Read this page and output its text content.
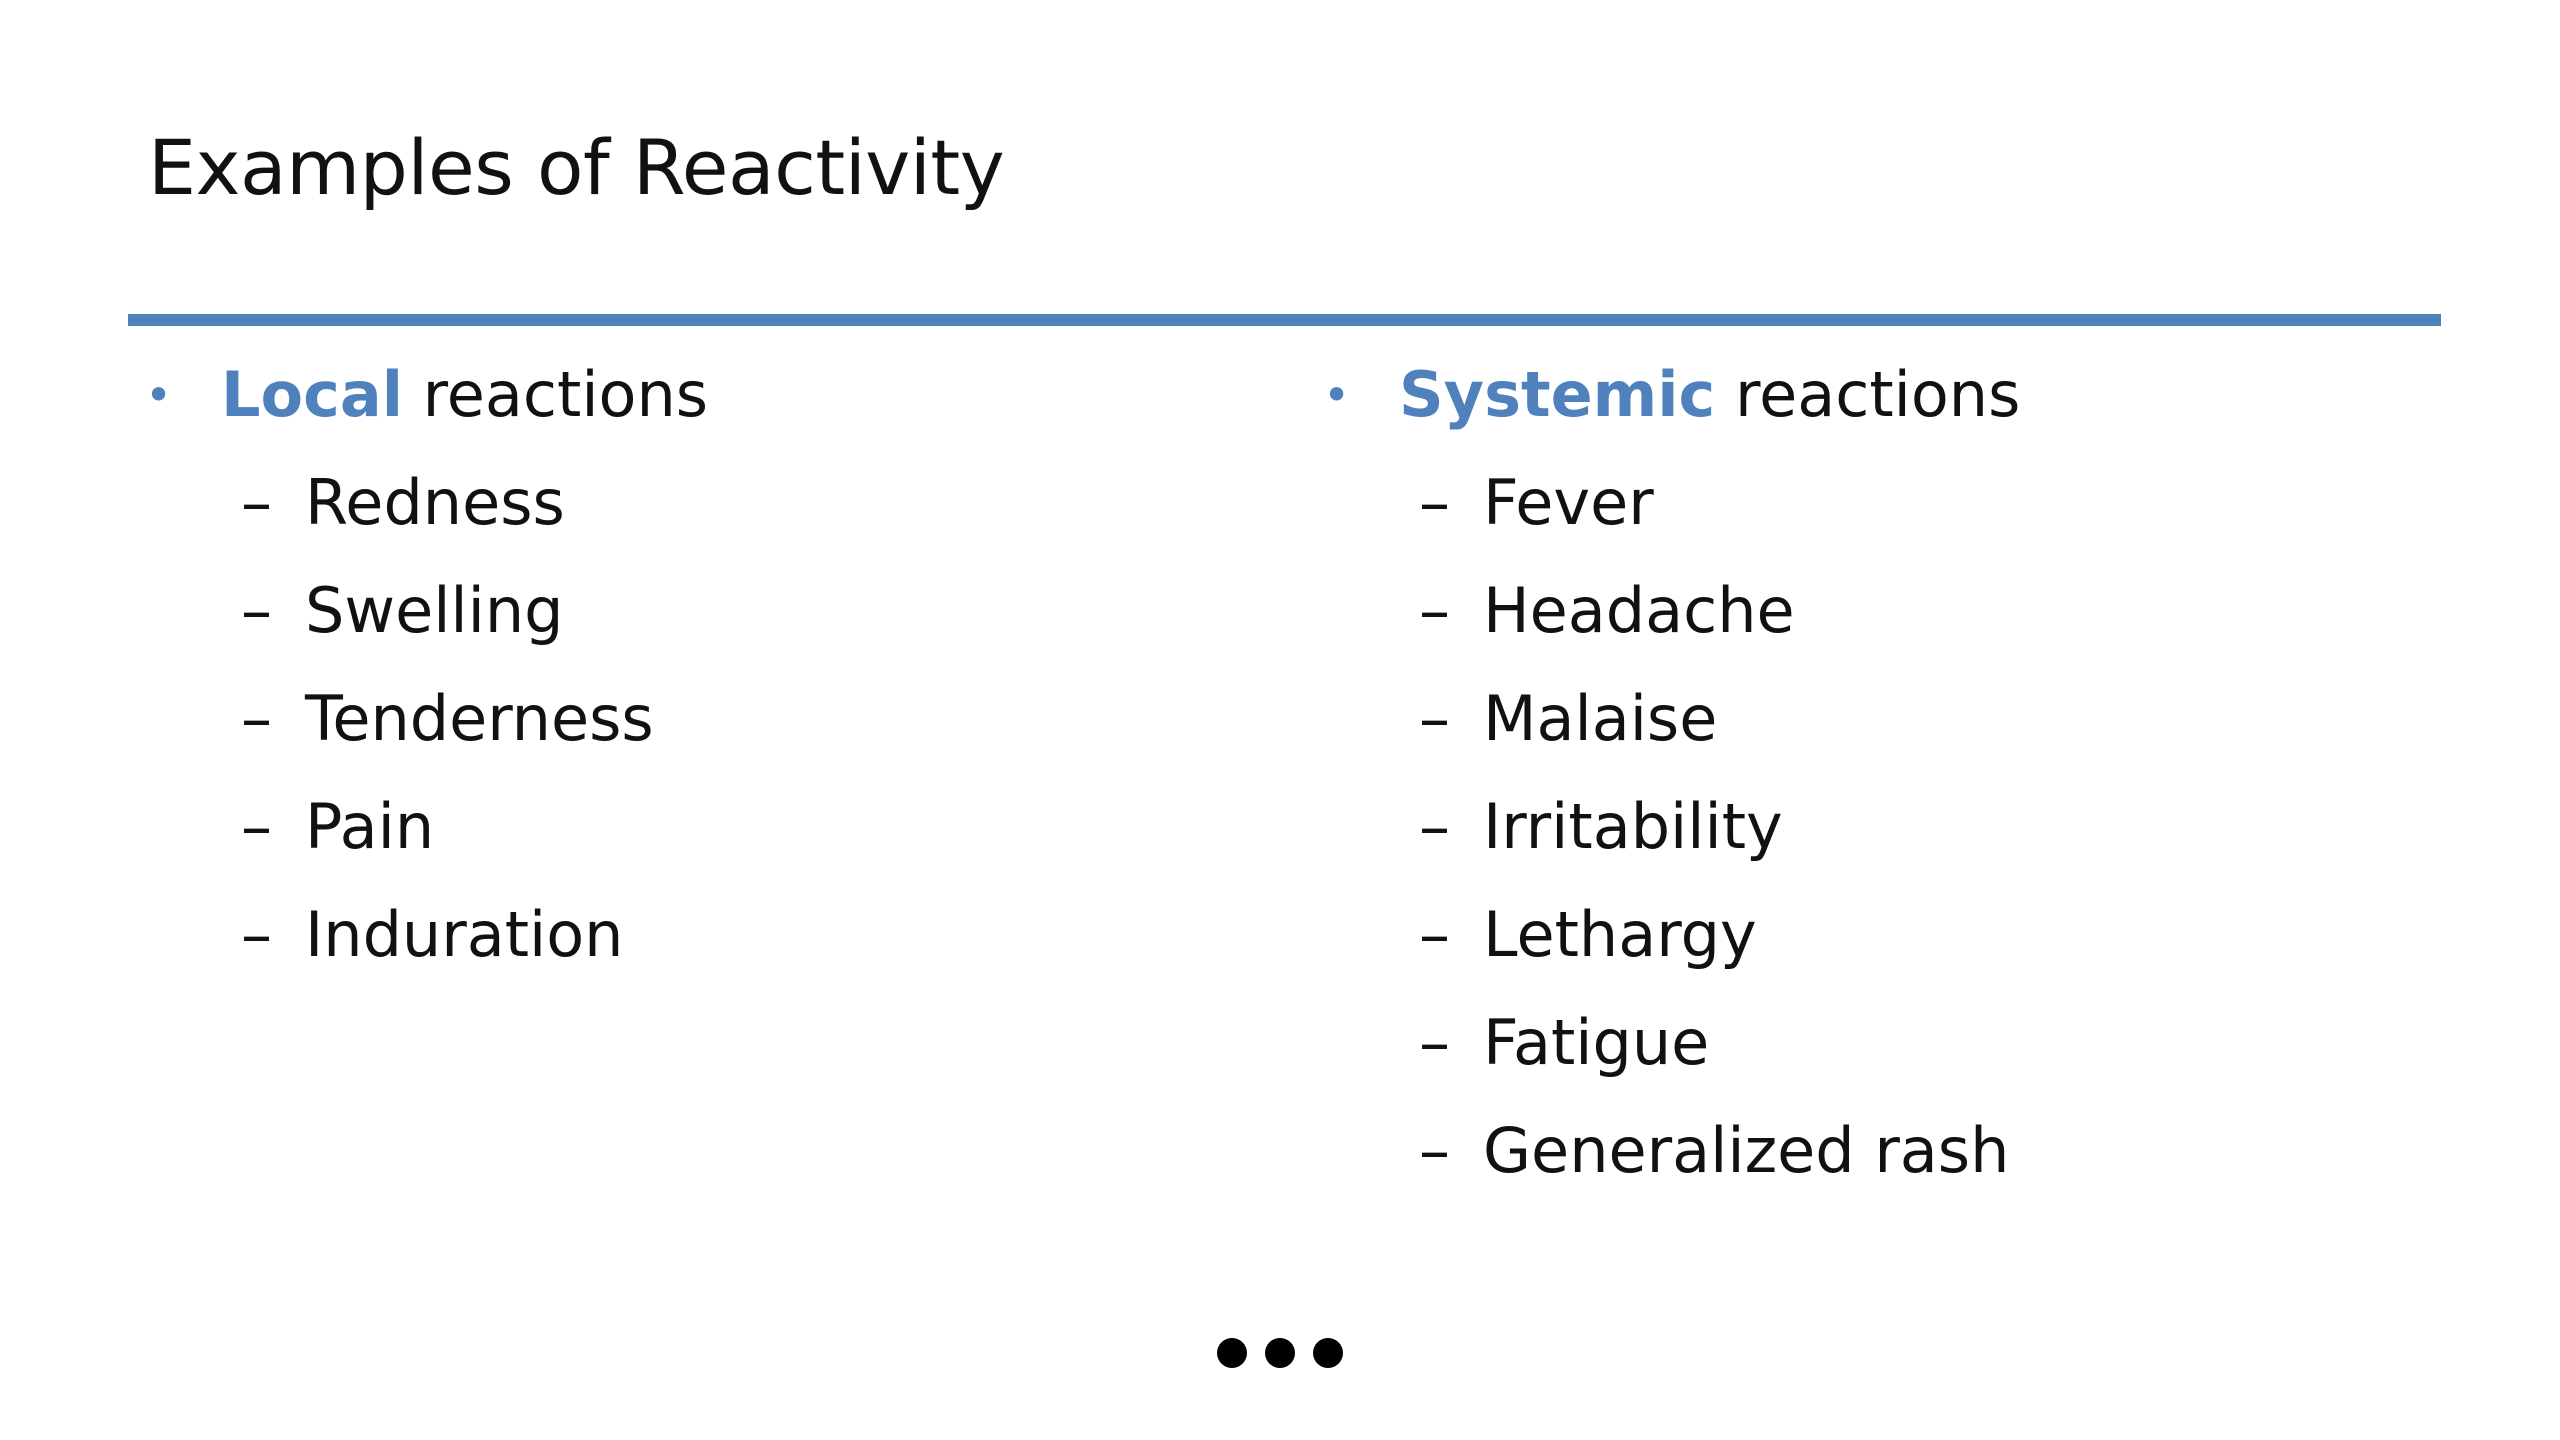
Examples of Reactivity
• Local reactions
– Redness
– Swelling
– Tenderness
– Pain
– Induration
• Systemic reactions
– Fever
– Headache
– Malaise
– Irritability
– Lethargy
– Fatigue
– Generalized rash
